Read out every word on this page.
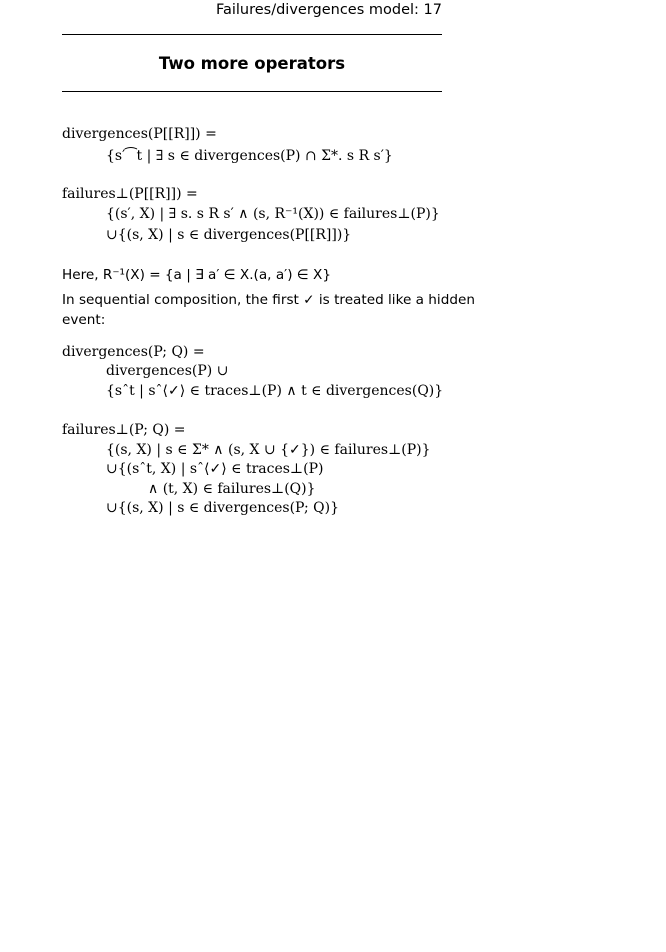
Failures/divergences model: 17
Two more operators
divergences(P[[R]]) =
{s′⁀t | ∃ s ∈ divergences(P) ∩ Σ*. s R s′}
failures⊥(P[[R]]) =
{(s′, X) | ∃ s. s R s′ ∧ (s, R⁻¹(X)) ∈ failures⊥(P)}
∪{(s, X) | s ∈ divergences(P[[R]])}
Here, R⁻¹(X) = {a | ∃ a′ ∈ X.(a, a′) ∈ X}
In sequential composition, the first ✓ is treated like a hidden
event:
divergences(P; Q) =
divergences(P) ∪
{sˆt | sˆ⟨✓⟩ ∈ traces⊥(P) ∧ t ∈ divergences(Q)}
failures⊥(P; Q) =
{(s, X) | s ∈ Σ* ∧ (s, X ∪ {✓}) ∈ failures⊥(P)}
∪{(sˆt, X) | sˆ⟨✓⟩ ∈ traces⊥(P)
∧ (t, X) ∈ failures⊥(Q)}
∪{(s, X) | s ∈ divergences(P; Q)}
